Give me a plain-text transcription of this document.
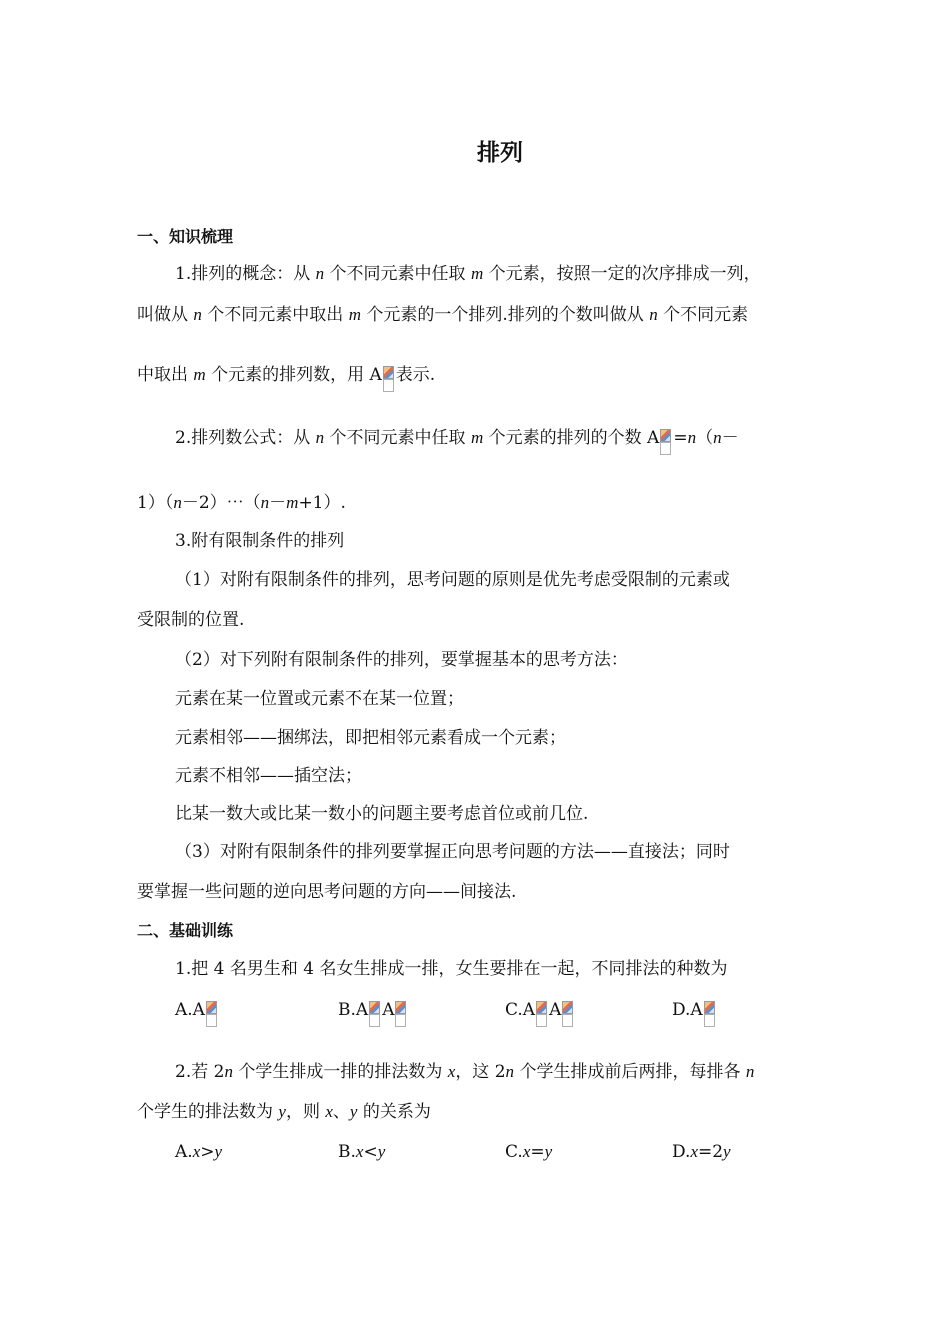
排列
一、知识梳理
1.排列的概念：从 n 个不同元素中任取 m 个元素，按照一定的次序排成一列，
叫做从 n 个不同元素中取出 m 个元素的一个排列.排列的个数叫做从 n 个不同元素
中取出 m 个元素的排列数，用 A 表示.
2.排列数公式：从 n 个不同元素中任取 m 个元素的排列的个数 A =n（n－
1）（n－2）⋯（n－m+1）.
3.附有限制条件的排列
（1）对附有限制条件的排列，思考问题的原则是优先考虑受限制的元素或
受限制的位置.
（2）对下列附有限制条件的排列，要掌握基本的思考方法：
元素在某一位置或元素不在某一位置；
元素相邻——捆绑法，即把相邻元素看成一个元素；
元素不相邻——插空法；
比某一数大或比某一数小的问题主要考虑首位或前几位.
（3）对附有限制条件的排列要掌握正向思考问题的方法——直接法；同时
要掌握一些问题的逆向思考问题的方向——间接法.
二、基础训练
1.把 4 名男生和 4 名女生排成一排，女生要排在一起，不同排法的种数为
A.A	B.A A	C.A A	D.A
2.若 2n 个学生排成一排的排法数为 x，这 2n 个学生排成前后两排，每排各 n
个学生的排法数为 y，则 x、y 的关系为
A.x>y	B.x<y	C.x=y	D.x=2y
